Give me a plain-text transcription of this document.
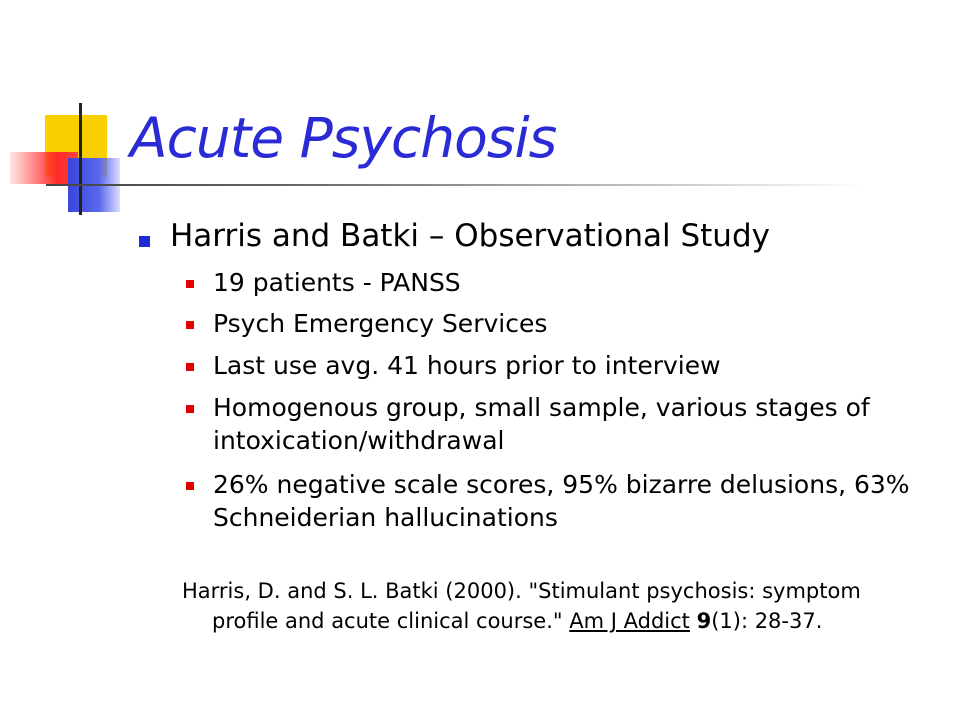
Acute Psychosis
Harris and Batki – Observational Study
19 patients - PANSS
Psych Emergency Services
Last use avg. 41 hours prior to interview
Homogenous group, small sample, various stages of intoxication/withdrawal
26% negative scale scores, 95% bizarre delusions, 63% Schneiderian hallucinations
Harris, D. and S. L. Batki (2000). "Stimulant psychosis: symptom profile and acute clinical course." Am J Addict 9(1): 28-37.
